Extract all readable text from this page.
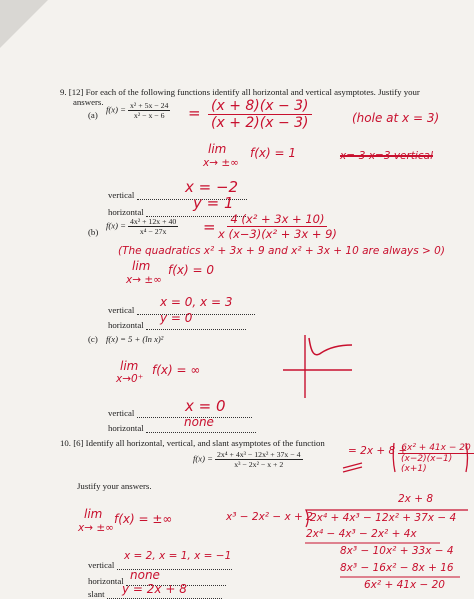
9. [12] For each of the following functions identify all horizontal and vertical asymptotes. Justify your
answers.
(a)
$f(x) = \frac{\text{x² + 5x − 24}}{\text{x² − x − 6}} = \frac{(x + 8)(x - 3)}{(x + 2)(x - 3)}$	(hole at x = 3)
lim
x→ ±∞
f(x) = 1	x=-3 x=3 vertical
vertical	x = −2
horizontal	y = 1
(b)
$f(x) = \frac{\text{4x² + 12x + 40}}{\text{x⁴ − 27x}} = \frac{\text{4 (x² + 3x + 10)}}{\text{x (x−3)(x² + 3x + 9)}}$
(The quadratics x² + 3x + 9 and x² + 3x + 10 are always > 0)
lim
x→ ±∞
f(x) = 0
vertical
x = 0, x = 3
horizontal	y = 0
(c) f(x) = 5 + (ln x)²
lim
x→0⁺
f(x) = ∞
vertical	x = 0
horizontal	none
10. [6] Identify all horizontal, vertical, and slant asymptotes of the function
$f(x) = \frac{\text{2x⁴ + 4x³ − 12x² + 37x − 4}}{\text{x³ − 2x² − x + 2}}$	= 2x + 8 +
$\frac{\text{6x² + 41x − 20}}{(x-2)(x-1)(x+1)}$
Justify your answers.
lim
x→ ±∞
f(x) = ±∞
2x + 8
x³ − 2x² − x + 2
2x⁴ + 4x³ − 12x² + 37x − 4
2x⁴ − 4x³ − 2x² + 4x
8x³ − 10x² + 33x − 4
8x³ − 16x² − 8x + 16
6x² + 41x − 20
vertical
x = 2, x = 1, x = −1
horizontal none
slant	y = 2x + 8
